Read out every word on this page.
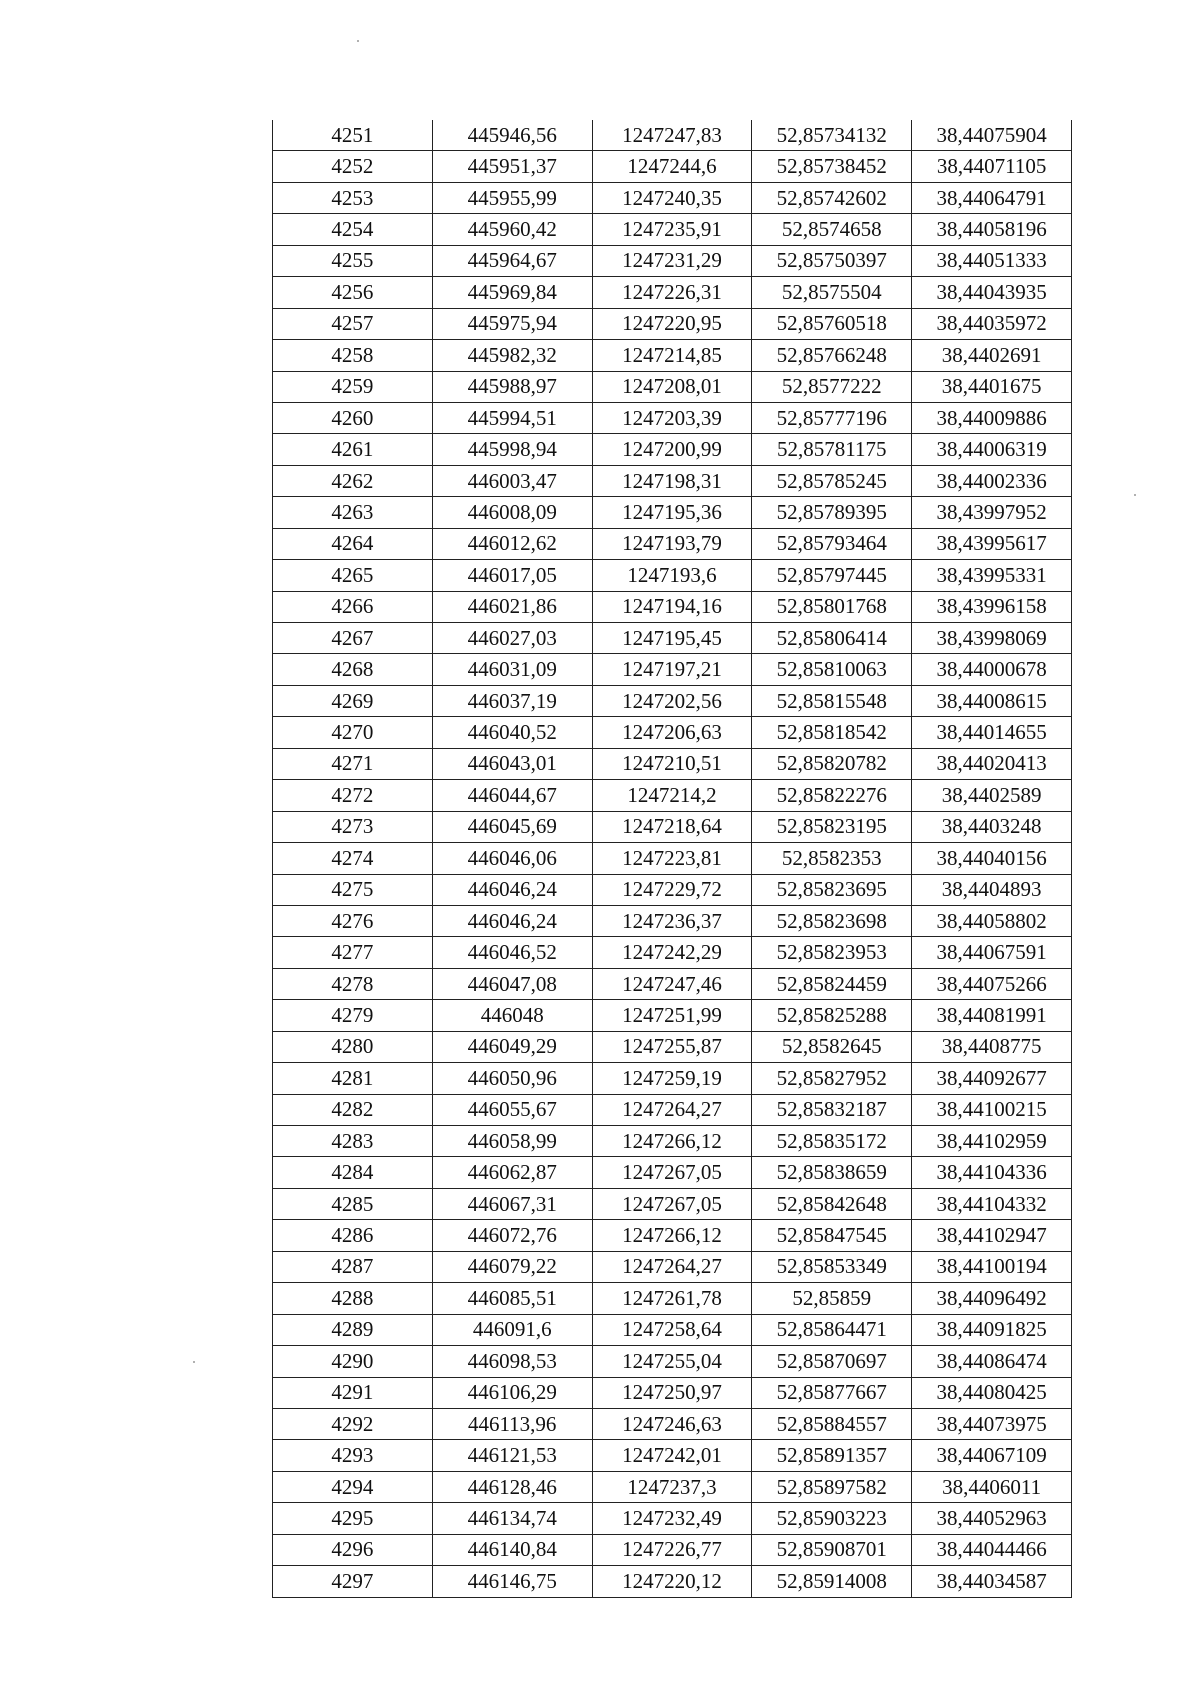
4251	445946,56	1247247,83	52,85734132	38,44075904
4252	445951,37	1247244,6	52,85738452	38,44071105
4253	445955,99	1247240,35	52,85742602	38,44064791
4254	445960,42	1247235,91	52,8574658	38,44058196
4255	445964,67	1247231,29	52,85750397	38,44051333
4256	445969,84	1247226,31	52,8575504	38,44043935
4257	445975,94	1247220,95	52,85760518	38,44035972
4258	445982,32	1247214,85	52,85766248	38,4402691
4259	445988,97	1247208,01	52,8577222	38,4401675
4260	445994,51	1247203,39	52,85777196	38,44009886
4261	445998,94	1247200,99	52,85781175	38,44006319
4262	446003,47	1247198,31	52,85785245	38,44002336
4263	446008,09	1247195,36	52,85789395	38,43997952
4264	446012,62	1247193,79	52,85793464	38,43995617
4265	446017,05	1247193,6	52,85797445	38,43995331
4266	446021,86	1247194,16	52,85801768	38,43996158
4267	446027,03	1247195,45	52,85806414	38,43998069
4268	446031,09	1247197,21	52,85810063	38,44000678
4269	446037,19	1247202,56	52,85815548	38,44008615
4270	446040,52	1247206,63	52,85818542	38,44014655
4271	446043,01	1247210,51	52,85820782	38,44020413
4272	446044,67	1247214,2	52,85822276	38,4402589
4273	446045,69	1247218,64	52,85823195	38,4403248
4274	446046,06	1247223,81	52,8582353	38,44040156
4275	446046,24	1247229,72	52,85823695	38,4404893
4276	446046,24	1247236,37	52,85823698	38,44058802
4277	446046,52	1247242,29	52,85823953	38,44067591
4278	446047,08	1247247,46	52,85824459	38,44075266
4279	446048	1247251,99	52,85825288	38,44081991
4280	446049,29	1247255,87	52,8582645	38,4408775
4281	446050,96	1247259,19	52,85827952	38,44092677
4282	446055,67	1247264,27	52,85832187	38,44100215
4283	446058,99	1247266,12	52,85835172	38,44102959
4284	446062,87	1247267,05	52,85838659	38,44104336
4285	446067,31	1247267,05	52,85842648	38,44104332
4286	446072,76	1247266,12	52,85847545	38,44102947
4287	446079,22	1247264,27	52,85853349	38,44100194
4288	446085,51	1247261,78	52,85859	38,44096492
4289	446091,6	1247258,64	52,85864471	38,44091825
4290	446098,53	1247255,04	52,85870697	38,44086474
4291	446106,29	1247250,97	52,85877667	38,44080425
4292	446113,96	1247246,63	52,85884557	38,44073975
4293	446121,53	1247242,01	52,85891357	38,44067109
4294	446128,46	1247237,3	52,85897582	38,4406011
4295	446134,74	1247232,49	52,85903223	38,44052963
4296	446140,84	1247226,77	52,85908701	38,44044466
4297	446146,75	1247220,12	52,85914008	38,44034587
